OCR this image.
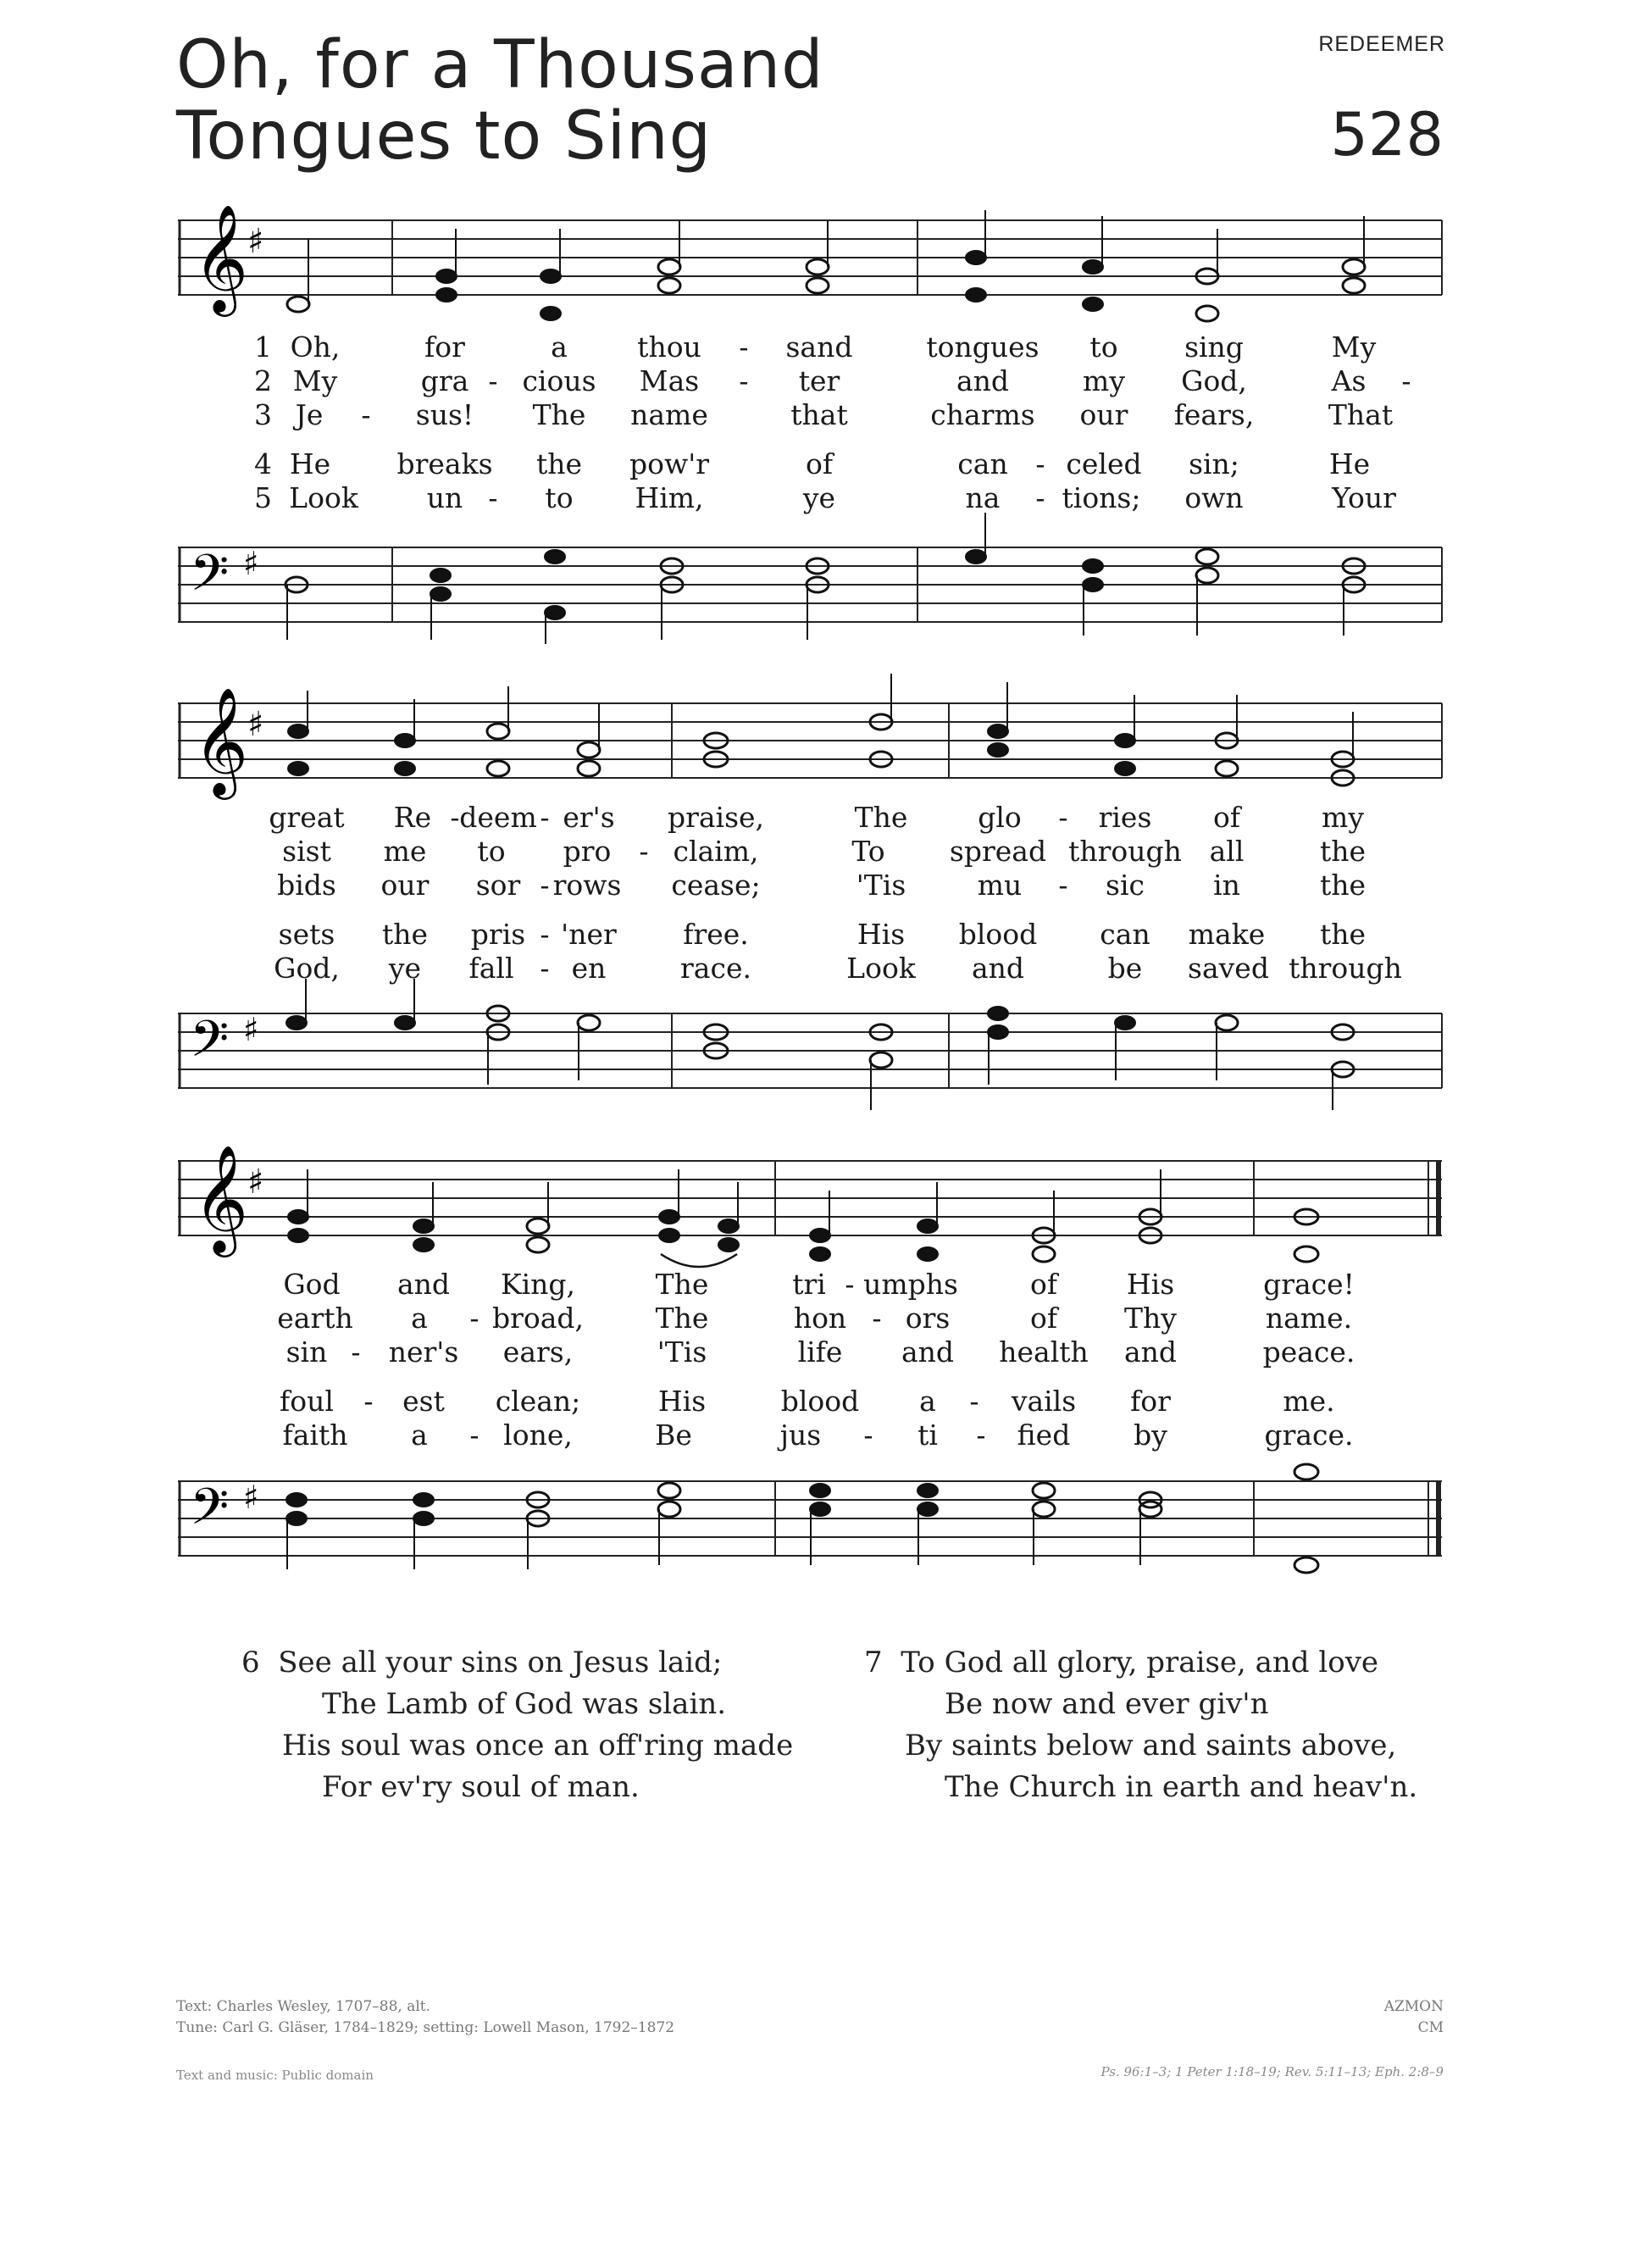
Oh, for a Thousand
Tongues to Sing
REDEEMER
528
𝄞
♯
1 Oh,	for	a thou - sand	tongues to sing	My
2 My	gra - cious Mas - ter	and	my God,	As -
3 Je - sus! The name	that	charms our fears,	That
4 He breaks the pow'r	of	can - celed sin;	He
5 Look un - to Him,	ye	na - tions; own	Your
𝄢 ♯
𝄞
♯
great Re - deem - er's praise,	The	glo - ries of	my
sist me to pro - claim,	To spread through all	the
bids our sor - rows cease;	'Tis	mu - sic in	the
sets the pris - 'ner free.	His blood can make the
God, ye fall - en	race.	Look and	be saved through
𝄢 ♯
𝄞
♯
God and King,	The	tri - umphs	of His	grace!
earth a - broad,	The	hon - ors	of Thy	name.
sin - ner's ears,	'Tis	life and health and	peace.
foul - est clean;	His	blood a - vails for	me.
faith a - lone,	Be	jus - ti - fied by	grace.
𝄢 ♯
6 See all your sins on Jesus laid;
The Lamb of God was slain.
His soul was once an off'ring made
For ev'ry soul of man.
7 To God all glory, praise, and love
Be now and ever giv'n
By saints below and saints above,
The Church in earth and heav'n.
Text: Charles Wesley, 1707–88, alt.
Tune: Carl G. Gläser, 1784–1829; setting: Lowell Mason, 1792–1872
AZMON
CM
Text and music: Public domain	Ps. 96:1–3; 1 Peter 1:18–19; Rev. 5:11–13; Eph. 2:8–9
